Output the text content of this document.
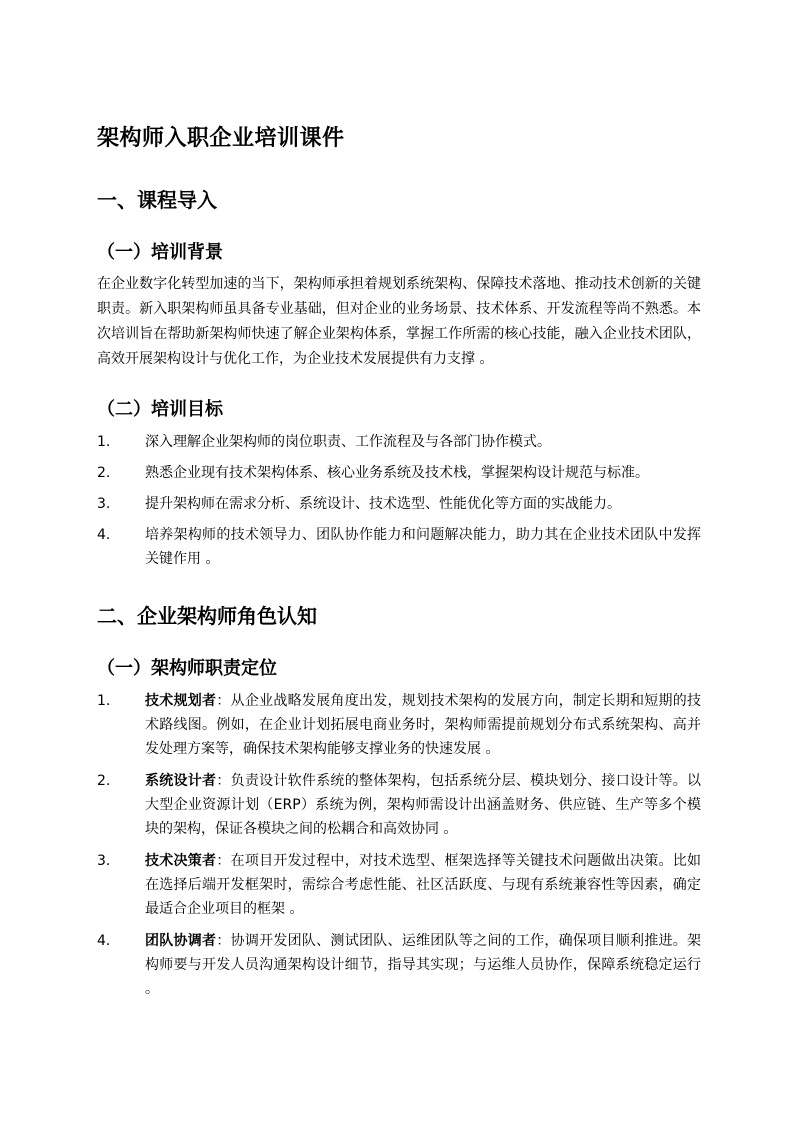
架构师入职企业培训课件
一、课程导入
（一）培训背景

在企业数字化转型加速的当下，架构师承担着规划系统架构、保障技术落地、推动技术创新的关键职责。新入职架构师虽具备专业基础，但对企业的业务场景、技术体系、开发流程等尚不熟悉。本次培训旨在帮助新架构师快速了解企业架构体系，掌握工作所需的核心技能，融入企业技术团队，高效开展架构设计与优化工作，为企业技术发展提供有力支撑 。

（二）培训目标
1.	深入理解企业架构师的岗位职责、工作流程及与各部门协作模式。
2.	熟悉企业现有技术架构体系、核心业务系统及技术栈，掌握架构设计规范与标准。
3.	提升架构师在需求分析、系统设计、技术选型、性能优化等方面的实战能力。
4.	培养架构师的技术领导力、团队协作能力和问题解决能力，助力其在企业技术团队中发挥关键作用 。
二、企业架构师角色认知
（一）架构师职责定位
1.	技术规划者：从企业战略发展角度出发，规划技术架构的发展方向，制定长期和短期的技术路线图。例如，在企业计划拓展电商业务时，架构师需提前规划分布式系统架构、高并发处理方案等，确保技术架构能够支撑业务的快速发展 。
2.	系统设计者：负责设计软件系统的整体架构，包括系统分层、模块划分、接口设计等。以大型企业资源计划（ERP）系统为例，架构师需设计出涵盖财务、供应链、生产等多个模块的架构，保证各模块之间的松耦合和高效协同 。
3.	技术决策者：在项目开发过程中，对技术选型、框架选择等关键技术问题做出决策。比如在选择后端开发框架时，需综合考虑性能、社区活跃度、与现有系统兼容性等因素，确定最适合企业项目的框架 。
4.	团队协调者：协调开发团队、测试团队、运维团队等之间的工作，确保项目顺利推进。架构师要与开发人员沟通架构设计细节，指导其实现；与运维人员协作，保障系统稳定运行 。
